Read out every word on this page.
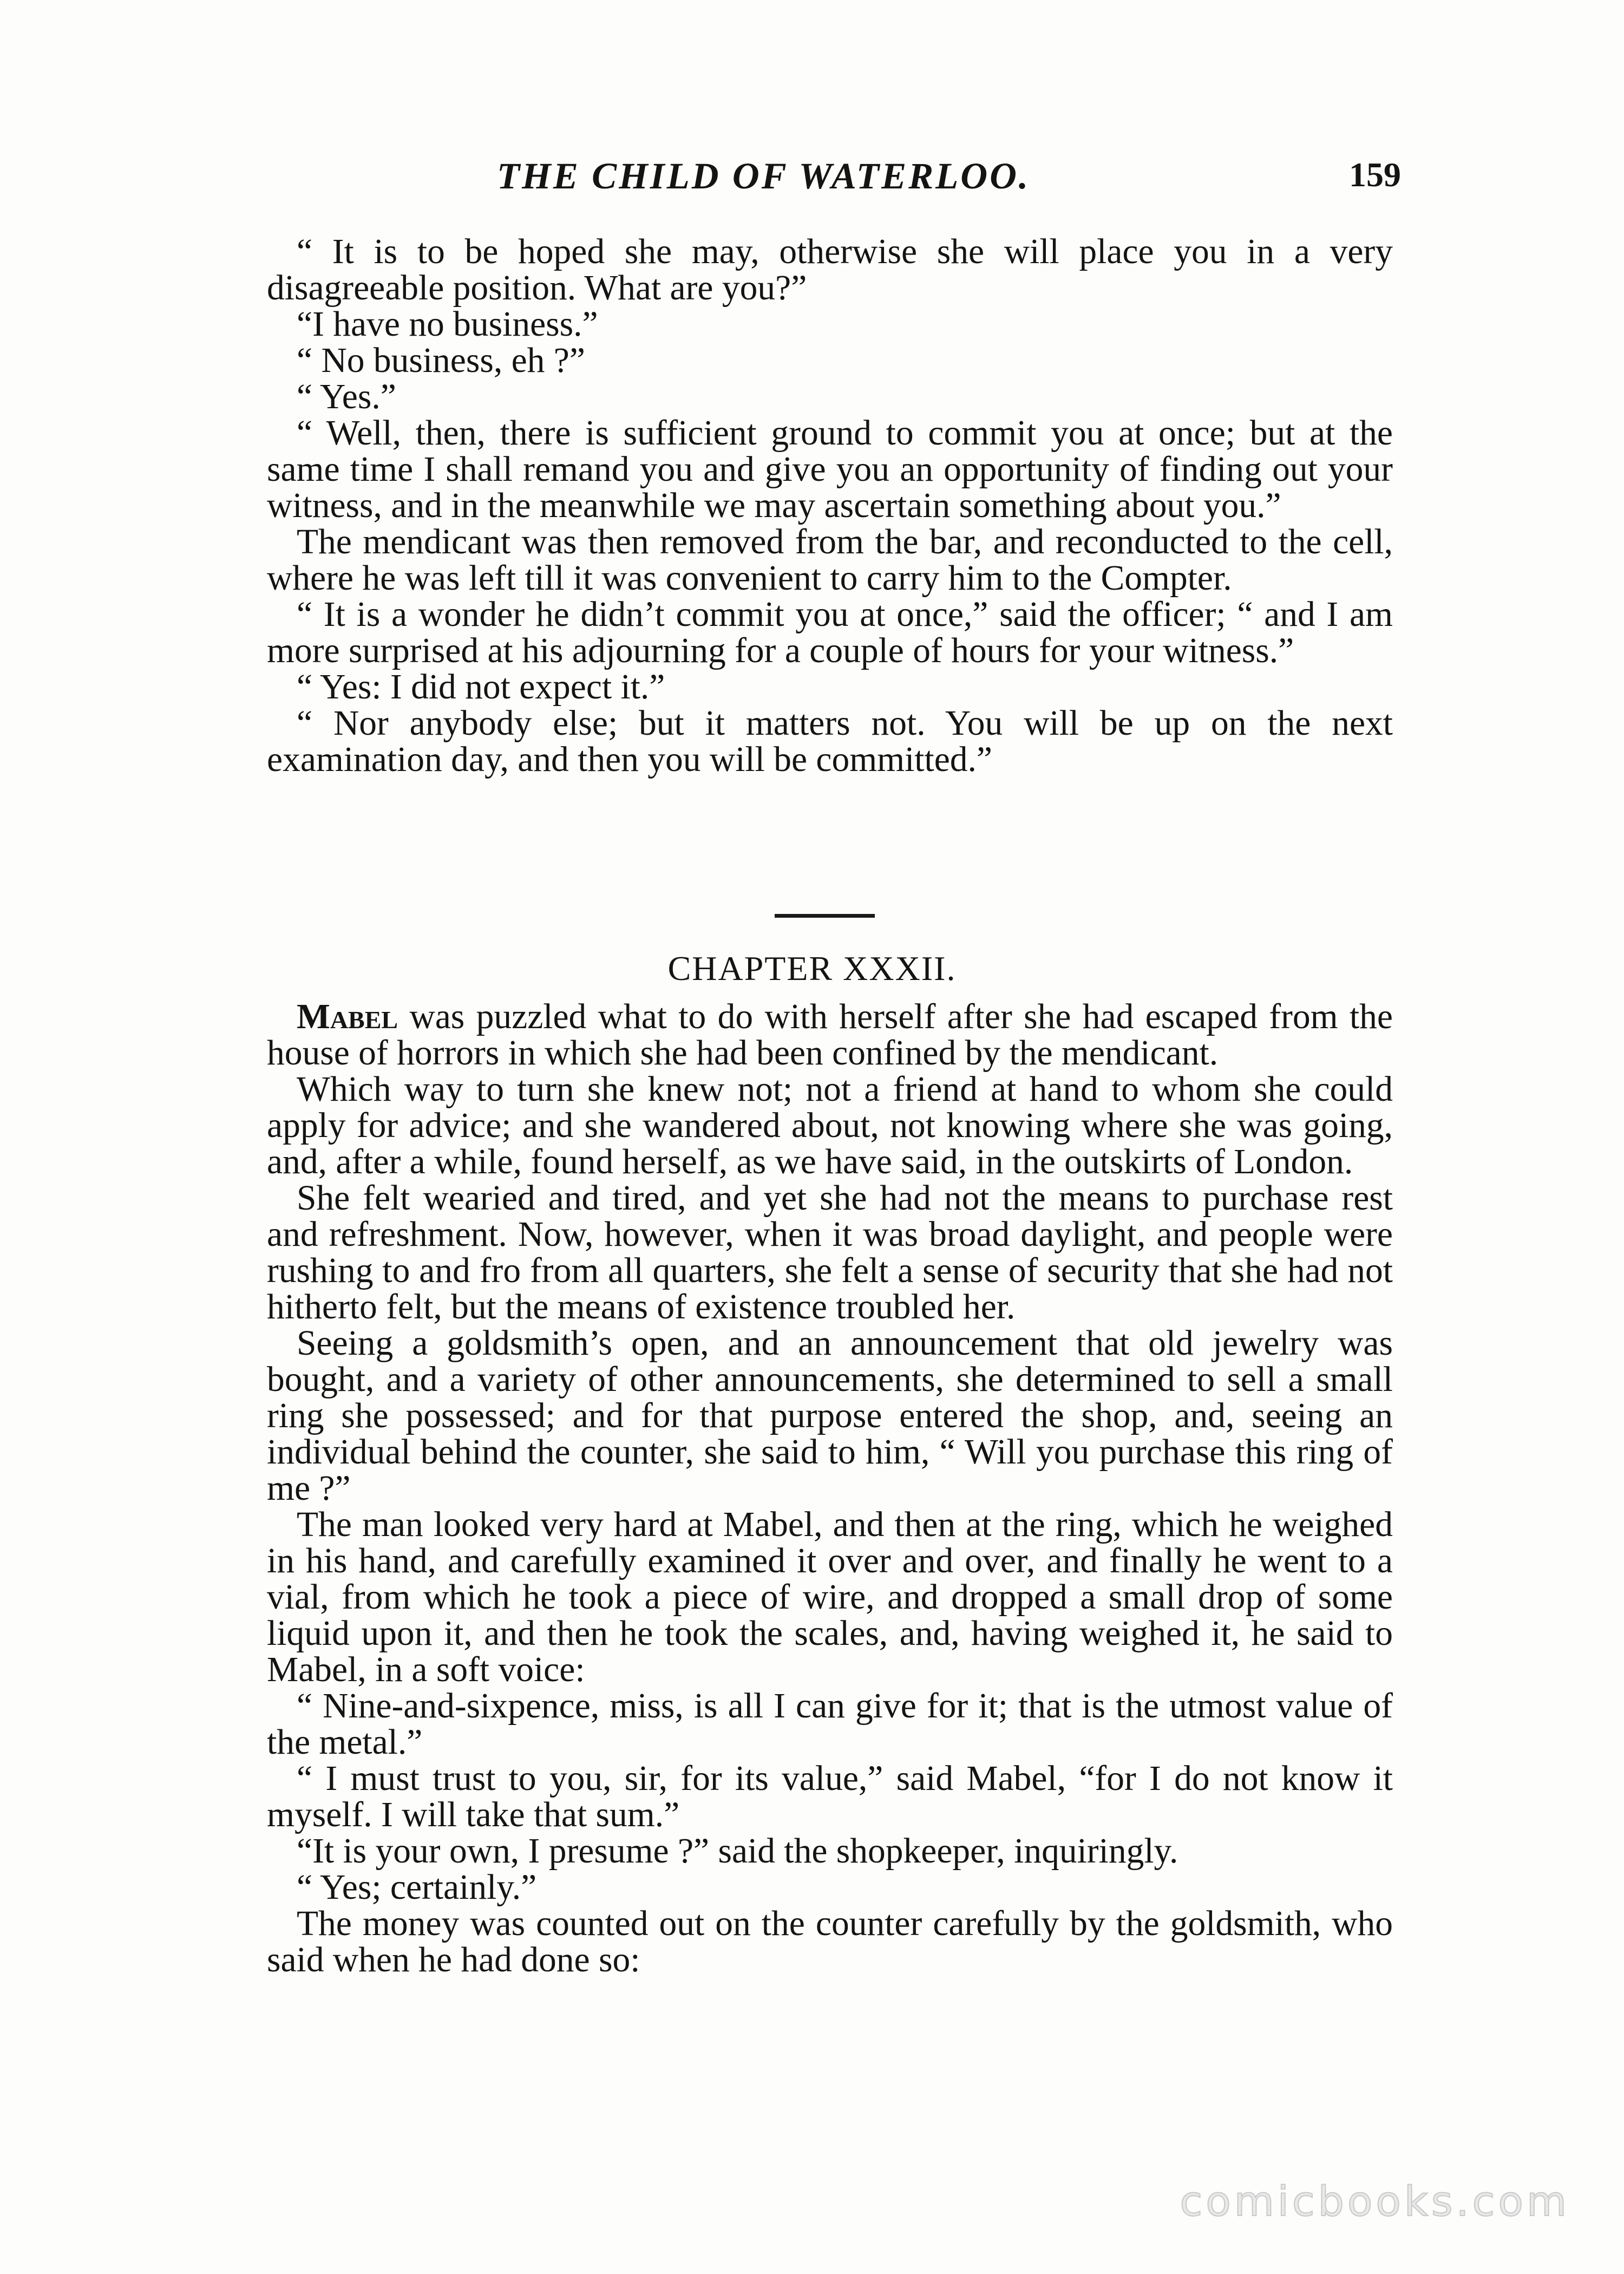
THE CHILD OF WATERLOO.	159

“ It is to be hoped she may, otherwise she will place you in a very disagreeable position. What are you?”

“I have no business.”

“ No business, eh ?”

“ Yes.”

“ Well, then, there is sufficient ground to commit you at once; but at the same time I shall remand you and give you an opportunity of finding out your witness, and in the meanwhile we may ascertain something about you.”

The mendicant was then removed from the bar, and reconducted to the cell, where he was left till it was convenient to carry him to the Compter.

“ It is a wonder he didn’t commit you at once,” said the officer; “ and I am more surprised at his adjourning for a couple of hours for your witness.”

“ Yes: I did not expect it.”

“ Nor anybody else; but it matters not. You will be up on the next examination day, and then you will be committed.”

CHAPTER XXXII.

Mabel was puzzled what to do with herself after she had escaped from the house of horrors in which she had been confined by the mendicant.

Which way to turn she knew not; not a friend at hand to whom she could apply for advice; and she wandered about, not knowing where she was going, and, after a while, found herself, as we have said, in the outskirts of London.

She felt wearied and tired, and yet she had not the means to purchase rest and refreshment. Now, however, when it was broad daylight, and people were rushing to and fro from all quarters, she felt a sense of security that she had not hitherto felt, but the means of existence troubled her.

Seeing a goldsmith’s open, and an announcement that old jewelry was bought, and a variety of other announcements, she determined to sell a small ring she possessed; and for that purpose entered the shop, and, seeing an individual behind the counter, she said to him, “ Will you purchase this ring of me ?”

The man looked very hard at Mabel, and then at the ring, which he weighed in his hand, and carefully examined it over and over, and finally he went to a vial, from which he took a piece of wire, and dropped a small drop of some liquid upon it, and then he took the scales, and, having weighed it, he said to Mabel, in a soft voice:

“ Nine-and-sixpence, miss, is all I can give for it; that is the utmost value of the metal.”

“ I must trust to you, sir, for its value,” said Mabel, “for I do not know it myself. I will take that sum.”

“It is your own, I presume ?” said the shopkeeper, inquiringly.

“ Yes; certainly.”

The money was counted out on the counter carefully by the goldsmith, who said when he had done so:

comicbooks.com
